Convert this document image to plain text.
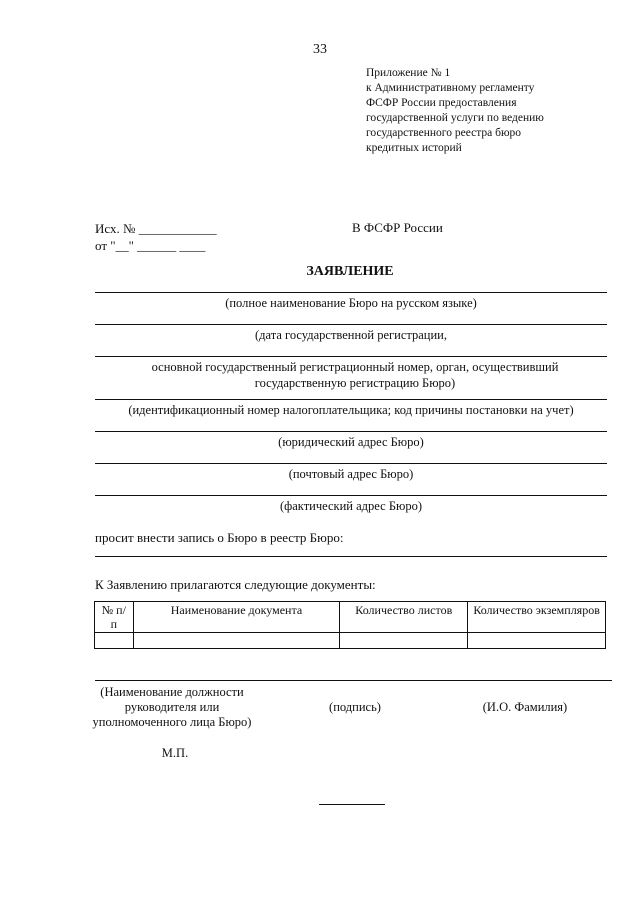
33
Приложение № 1
к Административному регламенту
ФСФР России предоставления
государственной услуги по ведению
государственного реестра бюро
кредитных историй
Исх. № ____________
от "__" ______ ____
В ФСФР России
ЗАЯВЛЕНИЕ
(полное наименование Бюро на русском языке)
(дата государственной регистрации,
основной государственный регистрационный номер, орган, осуществивший государственную регистрацию Бюро)
(идентификационный номер налогоплательщика; код причины постановки на учет)
(юридический адрес Бюро)
(почтовый адрес Бюро)
(фактический адрес Бюро)
просит внести запись о Бюро в реестр Бюро:
К Заявлению прилагаются следующие документы:
№ п/п	Наименование документа	Количество листов	Количество экземпляров

(Наименование должности руководителя или уполномоченного лица Бюро)
М.П.
(подпись)	(И.О. Фамилия)
